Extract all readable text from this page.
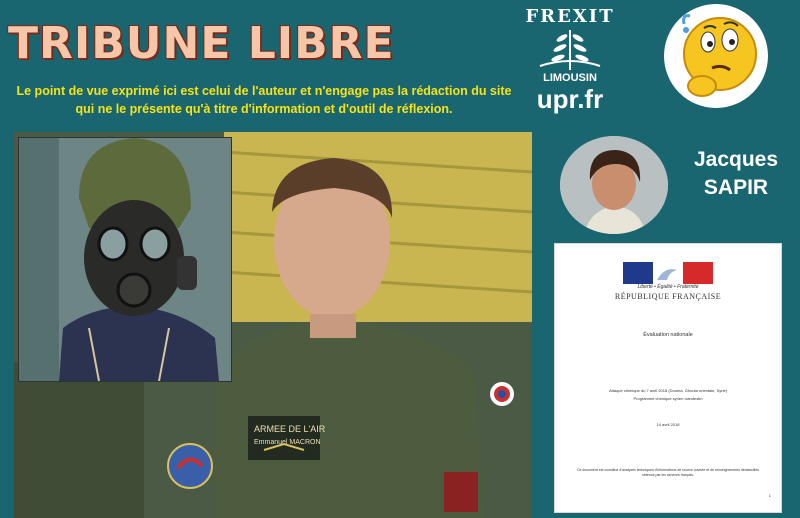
TRIBUNE LIBRE
Le point de vue exprimé ici est celui de l'auteur et n'engage pas la rédaction du site qui ne le présente qu'à titre d'information et d'outil de réflexion.
FREXIT
LIMOUSIN
upr.fr
ARMEE DE L'AIR
Emmanuel MACRON
Jacques
SAPIR
Liberté • Égalité • Fraternité
RÉPUBLIQUE FRANÇAISE
Évaluation nationale
Attaque chimique du 7 avril 2018 (Douma, Ghouta orientale, Syrie)
Programme chimique syrien clandestin
14 avril 2018
Ce document est constitué d'analyses techniques d'informations de source ouverte et de renseignements déclassifiés obtenus par les services français.
1
